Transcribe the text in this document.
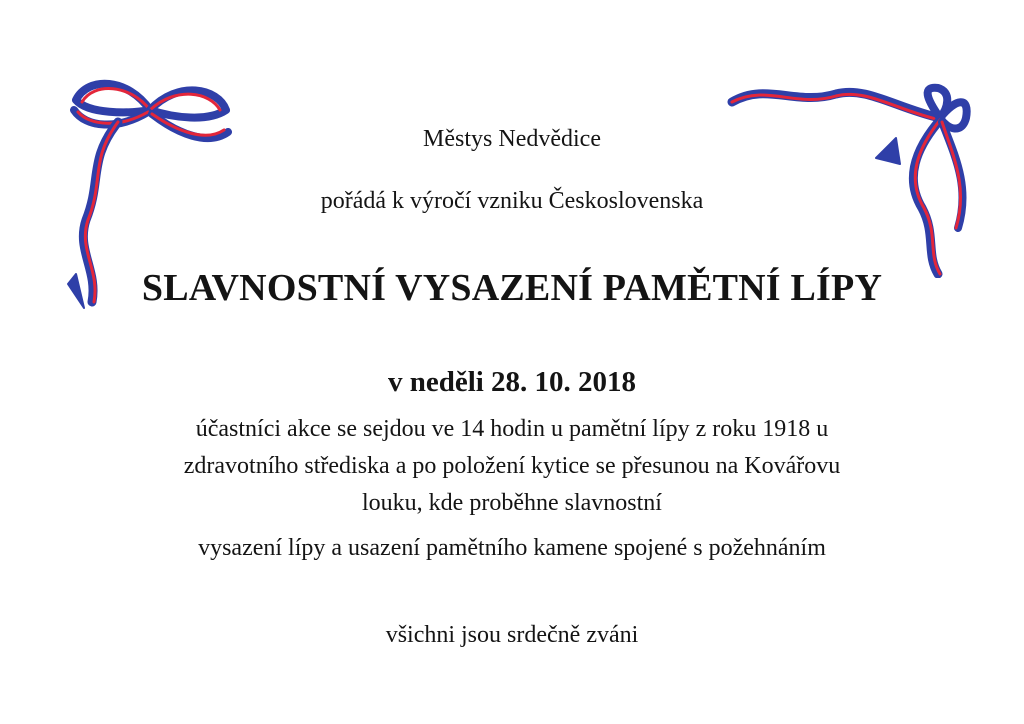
Městys Nedvědice
pořádá k výročí vzniku Československa
SLAVNOSTNÍ VYSAZENÍ PAMĚTNÍ LÍPY
v neděli 28. 10. 2018
účastníci akce se sejdou ve 14 hodin u pamětní lípy z roku 1918 u
zdravotního střediska a po položení kytice se přesunou na Kovářovu
louku, kde proběhne slavnostní
vysazení lípy a usazení pamětního kamene spojené s požehnáním
všichni jsou srdečně zváni
